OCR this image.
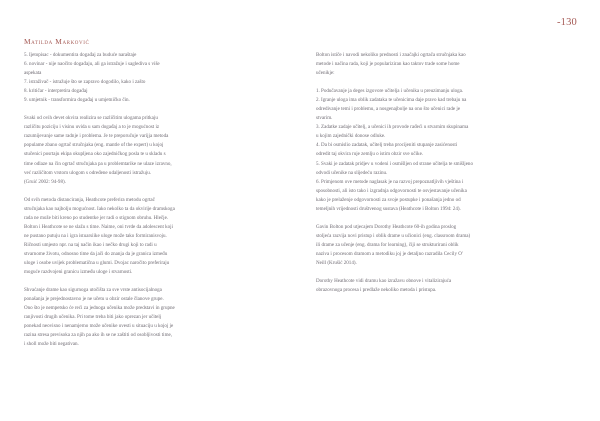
-130
Matilda Marković

5. Ijetopisac - dokumentira događaj za buduće naraštaje

6. novinar - nije naočito događaju, ali ga istražuje i saglediva s više

aspekata

7. istraživač - istražuje što se zapravo dogodilo, kako i zašto

8. kritičar - interpretira događaj

9. umjetnik - transformira događaj u umjetničko čin.

Svaki od ovih devet okvira realizira se različitim ulogama pritkaju

različitu poziciju i visinu uvida u sam događaj a to je mogućnost iz

razumijevanje same radnje i problema. Je te preporučuje varijja metoda

populame zbano ogrtač stručnjaka (eng. mantle of the expert) u kojoj

stučenici posrtaju ekipa okupljena oko zajedničkog posla te u skladu s

time odlaze na čin ogrtač stručnjaka pa u problemtarike ne ulaze izravno,

već različitom vrstom ulogom s određene udaljenosti istražuju.

(Gruić 2002: 94-98).

Od svih metoda distanciranja, Heathcote preferira metodu ogrtač

stručnjaka kao najbolju mogućnost. Iako nekolko ta da okvirije dramskoga

rada ne može biti kreno po studentke jer radi o stignom obruhu. Hlečje.

Bolton i Heathcote se ne slažu s time. Naime, oni tvrde da adolescent koji

ne pustano putuju na i igra istuarsiike uloge može tako formiranisvoju.

Ričnosti umjesto npr. na taj način ikao i nečko drugi koji to radi u

stvarnome životu, odnosno time da jači do znanja da je granica između

uloge i osobe uvijek problematična u glumi. Dvojac naročito preferiraju

moguće razdvojeni granicu između uloge i stvarnosti.

Shvaćanje drame kao sigurnoga utočišta za sve vrste antisocijalnoga

ponašanja je prejednostavno je ne učetu u obzir ostale članove grupe.

Ono što je nempetsko će reći za jednoga učenika može predstavi in grupne

ranjivosti drugih učenika. Pri tome treba biti jako oprezan jer učitelj

ponekad neovisno i nenamjerno može učenike uvesti u situaciju u kojoj je

razina stresa previsoka za njih pa ako ih se ne zaštiti od osobljivosti time,

i sholl može biti negativan.

Bolton ističe i navodi nekoliko prednosti i značajki ogrtača stručnjaka kao

metode i načina rada, koji je populariziran kao taktov trade some home

učenikje:

1. Podučavanje ja deges izgovore učitelja i učenika u preuzimanju uloga.

2. Igranje uloga ima oblik zadataka te učenicima daje pravo kad trebaju na

odredivanje temi i problemu, a nosgenajbolje na ono što učenici rade je

stvarim.

3. Zadatke zadaje učitelj, a učenici ih provode rađeći u stvarnim skupinama

u kojim zajednički donose odluke.

4. Da bi osmislio zadatak, učitelj treba procijeniti stupanje zasićenosti

odredit taj okvira ruje zemlju o istim obzir sve učike.

5. Svaki je zadatak pridjev u vodeni i osmišljen od strane učitelja te smišljeno

odvodi učenike na slijedeću razinu.

6. Primjenom ove metode naglasak je na razvoj prepoznatljivih vještina i

sposobnosti, ali isto tako i izgradnja odgovornosti te osvjestavanje učenika

kako je prelaženje odgovornosti za svoje postupke i ponašanja jedno od

temeljnih vrijednosti društvenog sustava (Heathcote i Bolton 1994: 24).

Gavin Bolton pod utjecajem Dorothy Heathcote 60-ih godina proslog

stoljeća razvija novi pristup i oblik drame u učionici (eng. classroom drama)

ili drame za učenje (eng. drama for learning), čiji se strukturirani oblik

naziva i procesom dramom a metodiku joj je detaljno razradila Cecily O'

Neill (Krušić 2014).

Dorothy Heathcote vidi dramu kao izražavu obnove i vitalizirajuća

obrazovnoga procesa i predlaže nekoliko metoda i pristupa.
